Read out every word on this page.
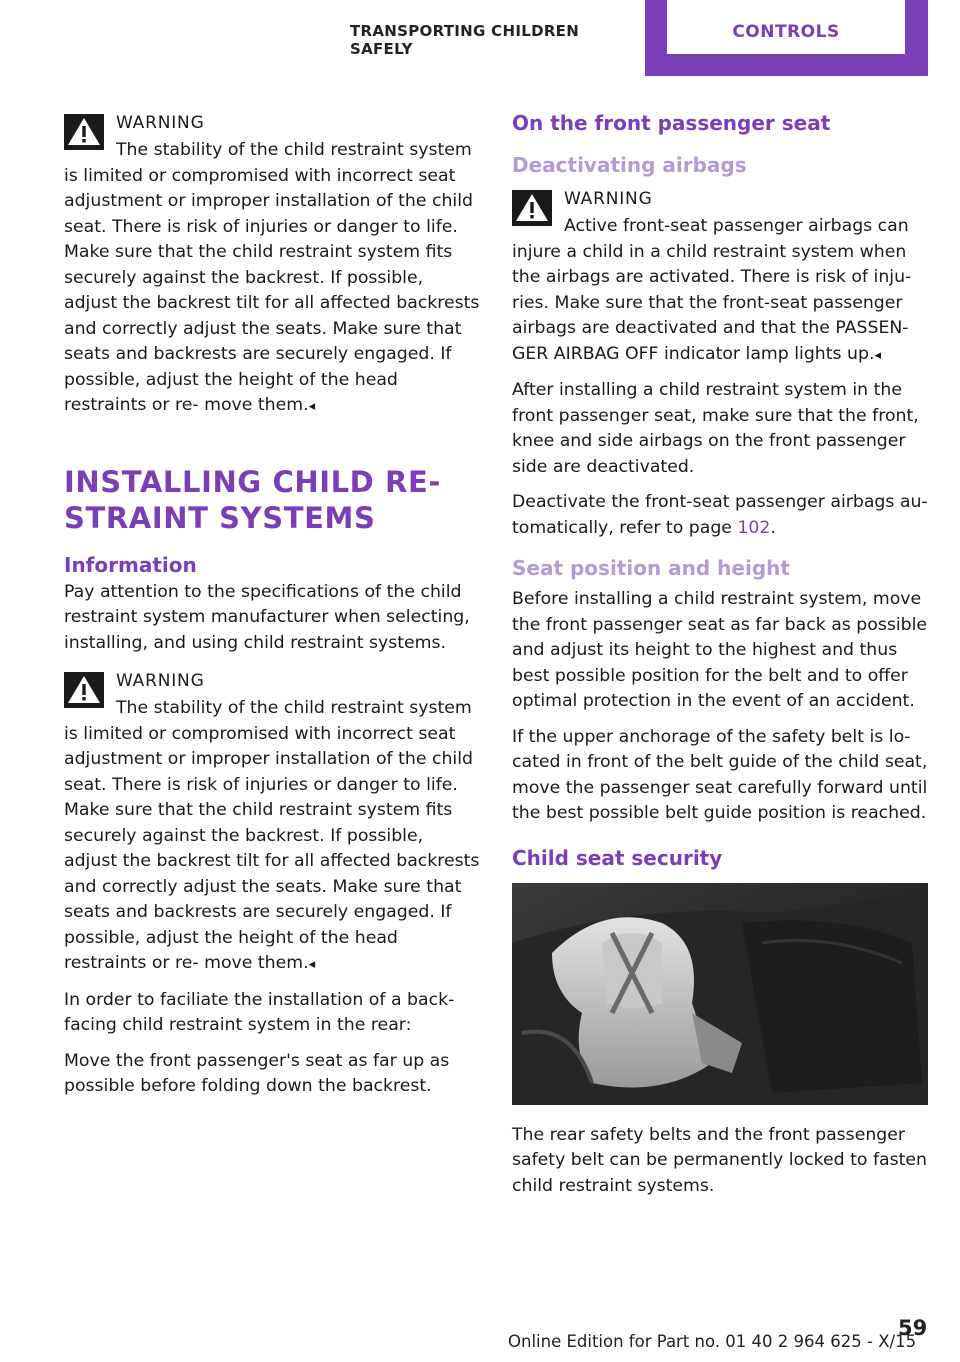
TRANSPORTING CHILDREN SAFELY
CONTROLS
WARNING
The stability of the child restraint system
is limited or compromised with incorrect seat adjustment or improper installation of the child seat. There is risk of injuries or danger to life. Make sure that the child restraint system fits securely against the backrest. If possible, adjust the backrest tilt for all affected backrests and correctly adjust the seats. Make sure that seats and backrests are securely engaged. If possible, adjust the height of the head restraints or re‐ move them.◂
INSTALLING CHILD RE‐ STRAINT SYSTEMS
Information

Pay attention to the specifications of the child restraint system manufacturer when selecting, installing, and using child restraint systems.

WARNING
The stability of the child restraint system
is limited or compromised with incorrect seat adjustment or improper installation of the child seat. There is risk of injuries or danger to life. Make sure that the child restraint system fits securely against the backrest. If possible, adjust the backrest tilt for all affected backrests and correctly adjust the seats. Make sure that seats and backrests are securely engaged. If possible, adjust the height of the head restraints or re‐ move them.◂

In order to faciliate the installation of a back‐ facing child restraint system in the rear:

Move the front passenger's seat as far up as possible before folding down the backrest.

On the front passenger seat
Deactivating airbags
WARNING
Active front-seat passenger airbags can
injure a child in a child restraint system when the airbags are activated. There is risk of inju‐ ries. Make sure that the front-seat passenger airbags are deactivated and that the PASSEN‐ GER AIRBAG OFF indicator lamp lights up.◂

After installing a child restraint system in the front passenger seat, make sure that the front, knee and side airbags on the front passenger side are deactivated.

Deactivate the front-seat passenger airbags au‐ tomatically, refer to page 102.

Seat position and height

Before installing a child restraint system, move the front passenger seat as far back as possible and adjust its height to the highest and thus best possible position for the belt and to offer optimal protection in the event of an accident.

If the upper anchorage of the safety belt is lo‐ cated in front of the belt guide of the child seat, move the passenger seat carefully forward until the best possible belt guide position is reached.

Child seat security

The rear safety belts and the front passenger safety belt can be permanently locked to fasten child restraint systems.

Online Edition for Part no. 01 40 2 964 625 - X/15
59
